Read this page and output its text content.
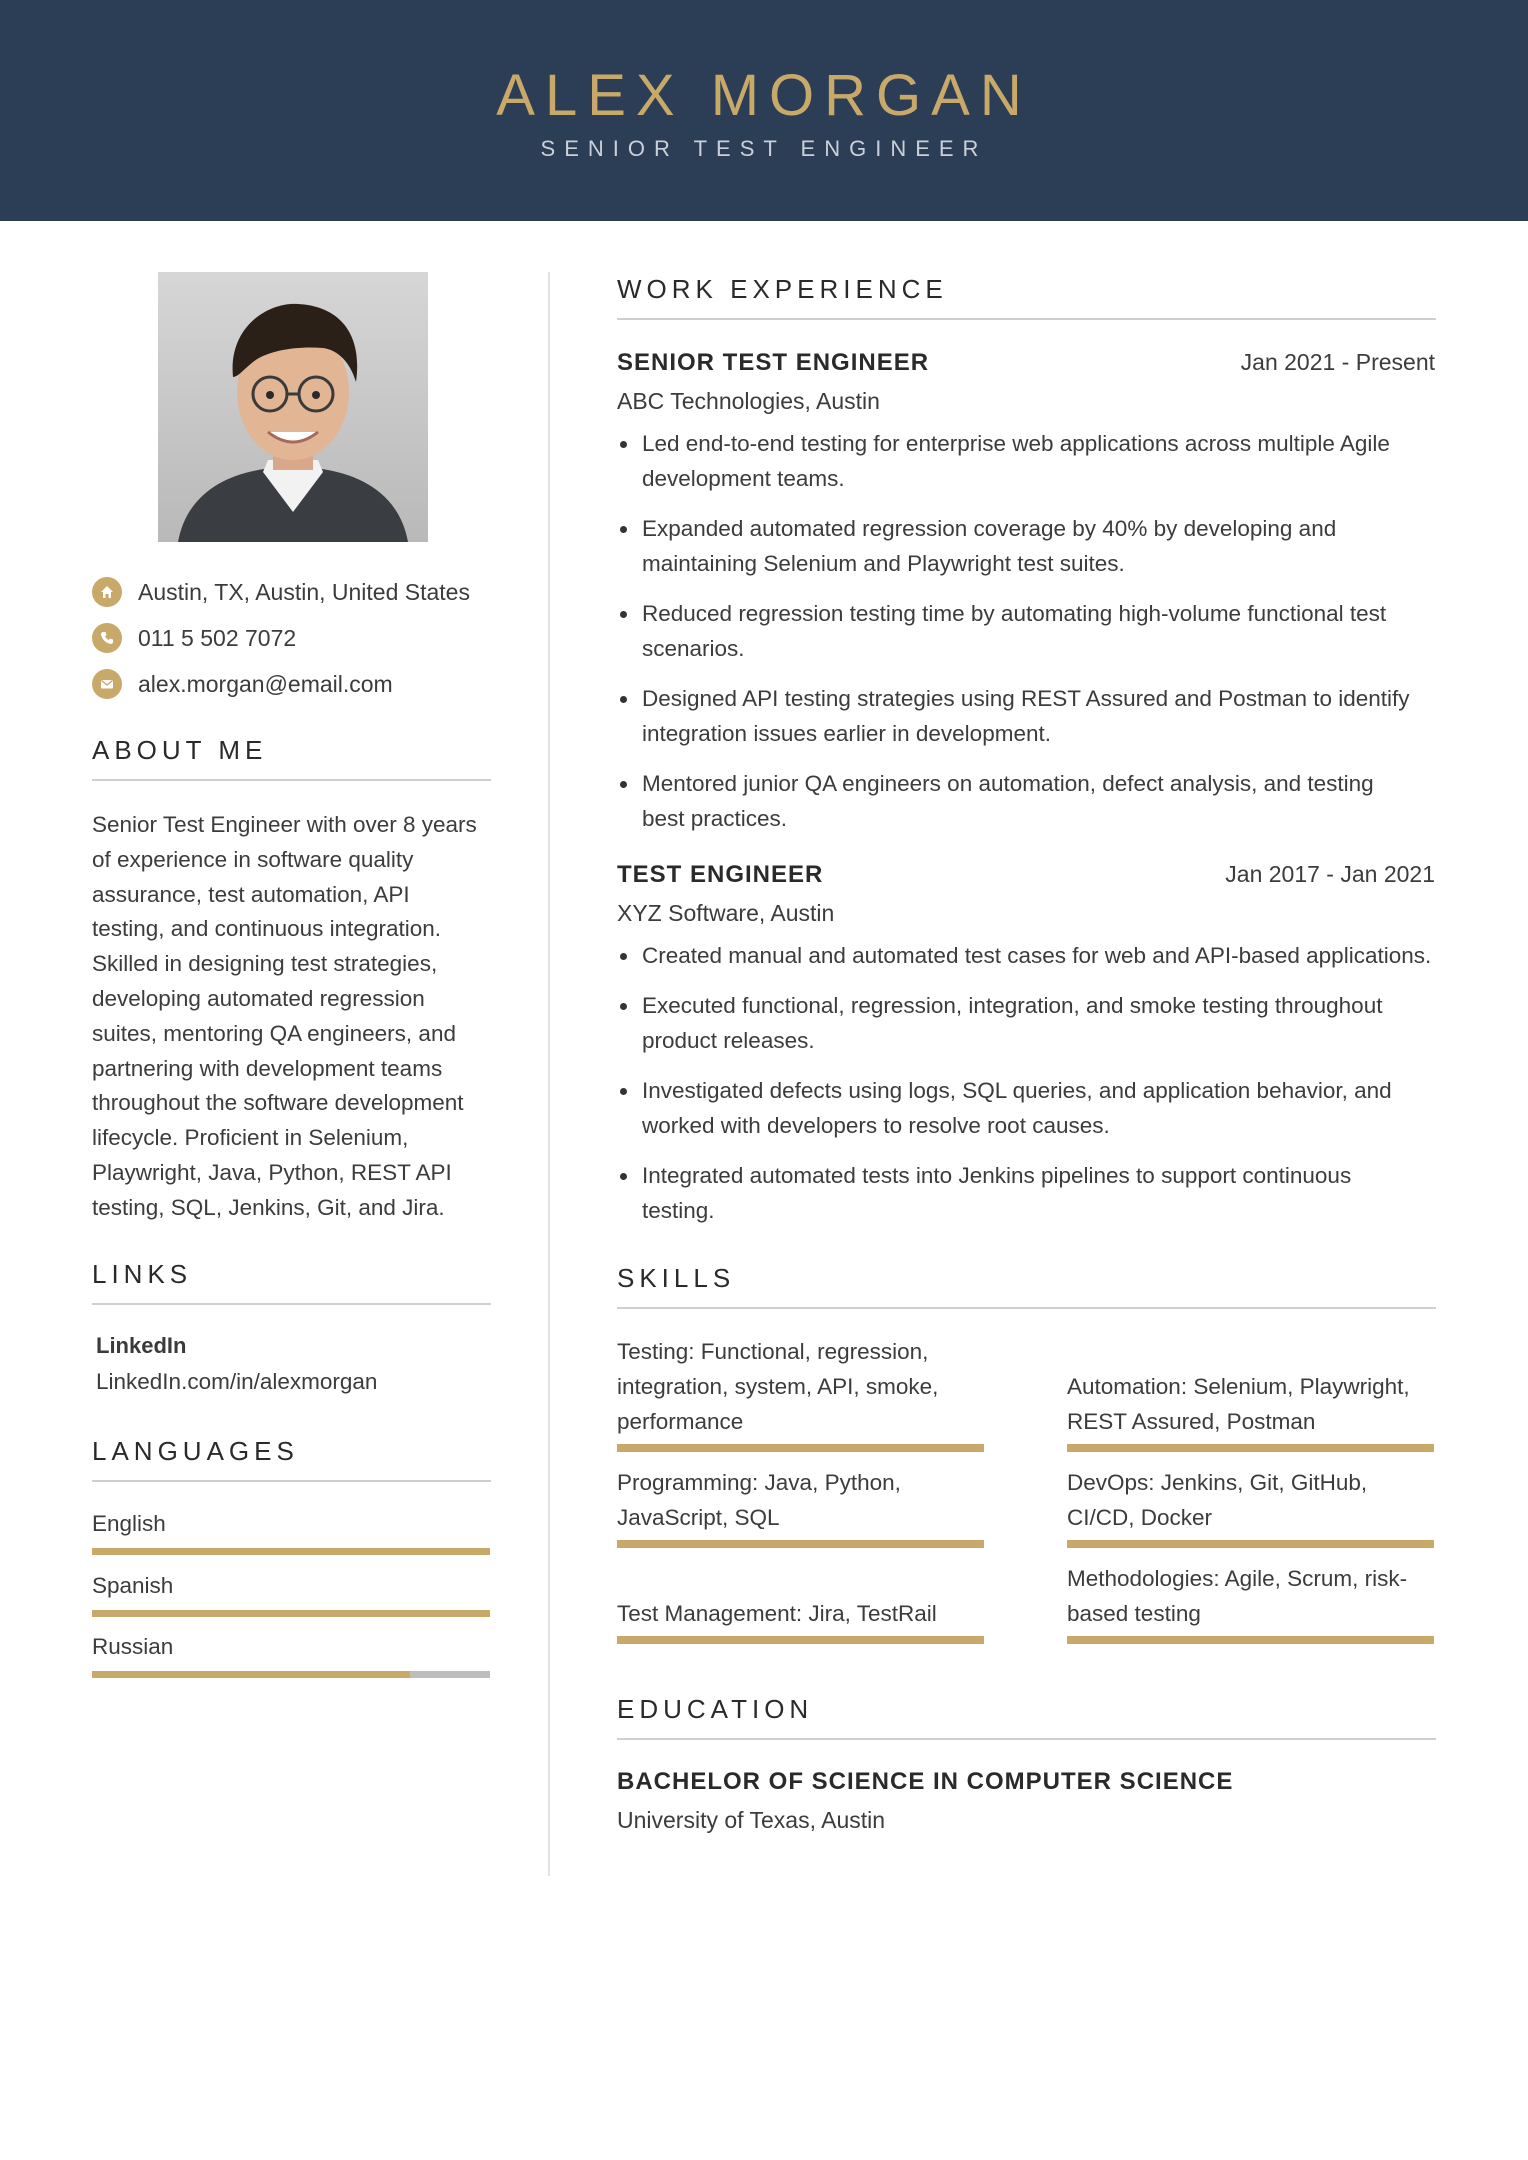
ALEX MORGAN
SENIOR TEST ENGINEER
Austin, TX, Austin, United States
011 5 502 7072
alex.morgan@email.com
ABOUT ME
Senior Test Engineer with over 8 years
of experience in software quality
assurance, test automation, API
testing, and continuous integration.
Skilled in designing test strategies,
developing automated regression
suites, mentoring QA engineers, and
partnering with development teams
throughout the software development
lifecycle. Proficient in Selenium,
Playwright, Java, Python, REST API
testing, SQL, Jenkins, Git, and Jira.
LINKS
LinkedIn
LinkedIn.com/in/alexmorgan
LANGUAGES
English
Spanish
Russian
WORK EXPERIENCE
SENIOR TEST ENGINEER	Jan 2021 - Present
ABC Technologies, Austin
Led end-to-end testing for enterprise web applications across multiple Agile
development teams.
Expanded automated regression coverage by 40% by developing and
maintaining Selenium and Playwright test suites.
Reduced regression testing time by automating high-volume functional test
scenarios.
Designed API testing strategies using REST Assured and Postman to identify
integration issues earlier in development.
Mentored junior QA engineers on automation, defect analysis, and testing
best practices.
TEST ENGINEER	Jan 2017 - Jan 2021
XYZ Software, Austin
Created manual and automated test cases for web and API-based applications.
Executed functional, regression, integration, and smoke testing throughout
product releases.
Investigated defects using logs, SQL queries, and application behavior, and
worked with developers to resolve root causes.
Integrated automated tests into Jenkins pipelines to support continuous
testing.
SKILLS
Testing: Functional, regression,
integration, system, API, smoke,
performance
Automation: Selenium, Playwright,
REST Assured, Postman
Programming: Java, Python,
JavaScript, SQL
DevOps: Jenkins, Git, GitHub,
CI/CD, Docker
Test Management: Jira, TestRail
Methodologies: Agile, Scrum, risk-
based testing
EDUCATION
BACHELOR OF SCIENCE IN COMPUTER SCIENCE
University of Texas, Austin
